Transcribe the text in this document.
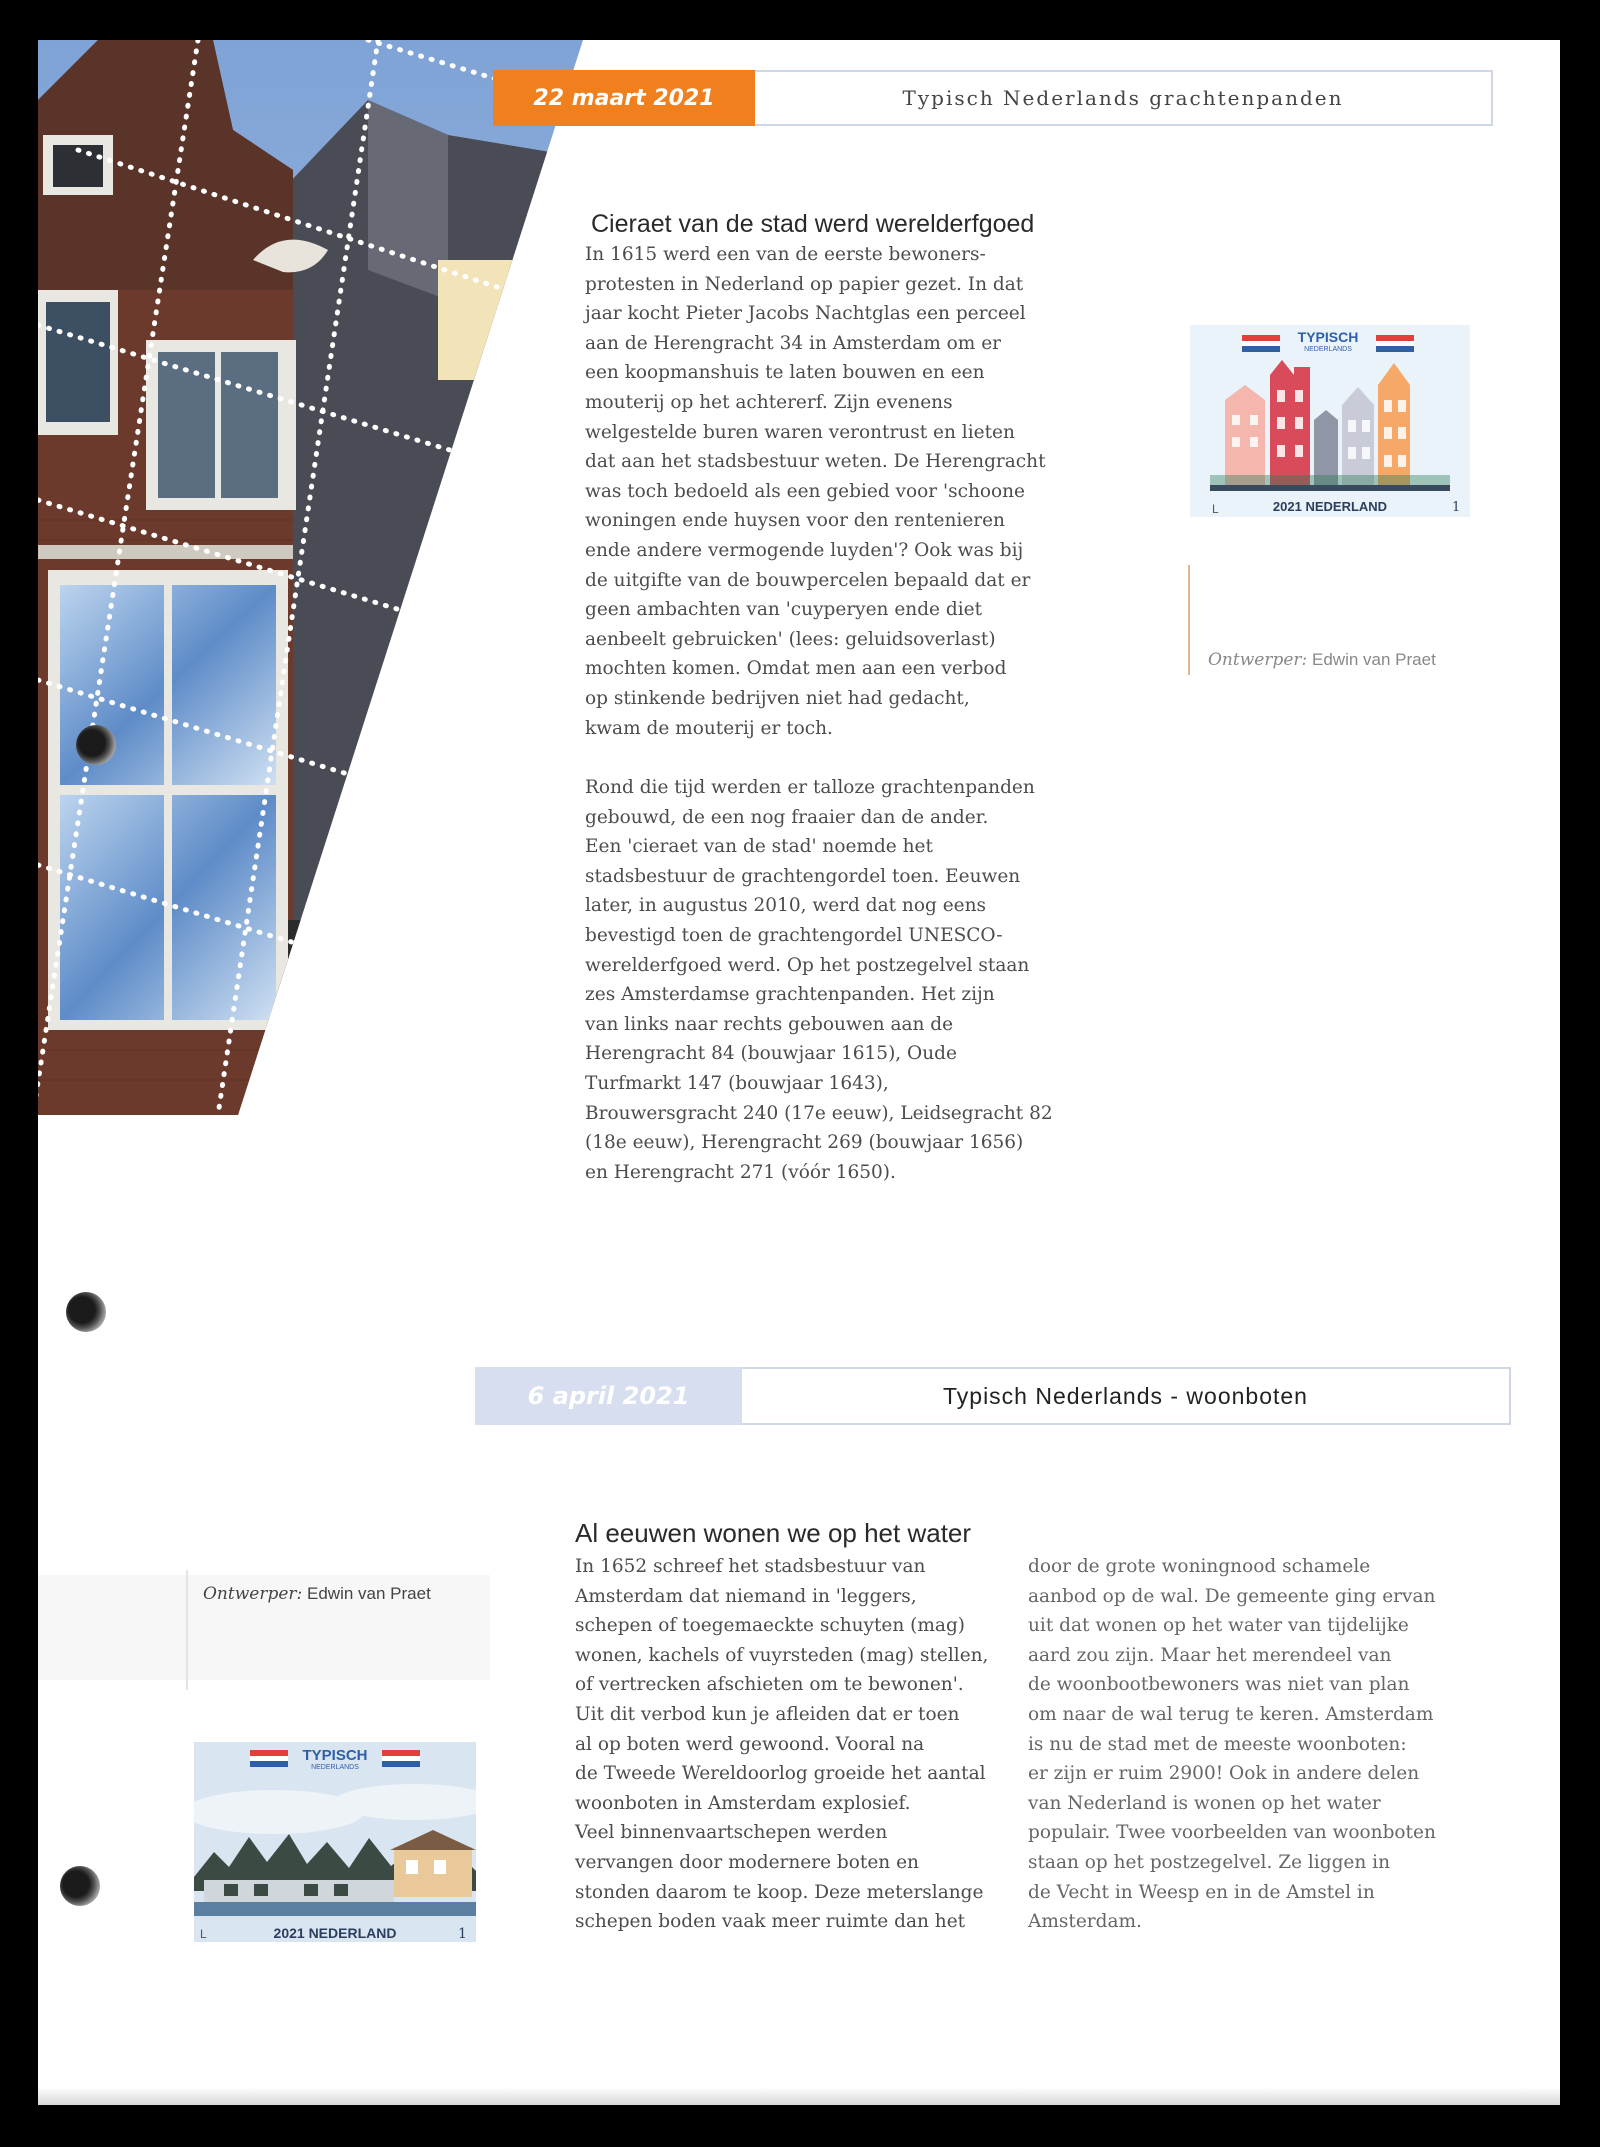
22 maart 2021	Typisch Nederlands grachtenpanden
Cieraet van de stad werd werelderfgoed

In 1615 werd een van de eerste bewoners-

protesten in Nederland op papier gezet. In dat

jaar kocht Pieter Jacobs Nachtglas een perceel

aan de Herengracht 34 in Amsterdam om er

een koopmanshuis te laten bouwen en een

mouterij op het achtererf. Zijn evenens

welgestelde buren waren verontrust en lieten

dat aan het stadsbestuur weten. De Herengracht

was toch bedoeld als een gebied voor 'schoone

woningen ende huysen voor den rentenieren

ende andere vermogende luyden'? Ook was bij

de uitgifte van de bouwpercelen bepaald dat er

geen ambachten van 'cuyperyen ende diet

aenbeelt gebruicken' (lees: geluidsoverlast)

mochten komen. Omdat men aan een verbod

op stinkende bedrijven niet had gedacht,

kwam de mouterij er toch.

Rond die tijd werden er talloze grachtenpanden

gebouwd, de een nog fraaier dan de ander.

Een 'cieraet van de stad' noemde het

stadsbestuur de grachtengordel toen. Eeuwen

later, in augustus 2010, werd dat nog eens

bevestigd toen de grachtengordel UNESCO-

werelderfgoed werd. Op het postzegelvel staan

zes Amsterdamse grachtenpanden. Het zijn

van links naar rechts gebouwen aan de

Herengracht 84 (bouwjaar 1615), Oude

Turfmarkt 147 (bouwjaar 1643),

Brouwersgracht 240 (17e eeuw), Leidsegracht 82

(18e eeuw), Herengracht 269 (bouwjaar 1656)

en Herengracht 271 (vóór 1650).

TYPISCH
NEDERLANDS
L	2021 NEDERLAND	1
Ontwerper: Edwin van Praet
6 april 2021	Typisch Nederlands - woonboten
Ontwerper: Edwin van Praet
Al eeuwen wonen we op het water

In 1652 schreef het stadsbestuur van

Amsterdam dat niemand in 'leggers,

schepen of toegemaeckte schuyten (mag)

wonen, kachels of vuyrsteden (mag) stellen,

of vertrecken afschieten om te bewonen'.

Uit dit verbod kun je afleiden dat er toen

al op boten werd gewoond. Vooral na

de Tweede Wereldoorlog groeide het aantal

woonboten in Amsterdam explosief.

Veel binnenvaartschepen werden

vervangen door modernere boten en

stonden daarom te koop. Deze meterslange

schepen boden vaak meer ruimte dan het

door de grote woningnood schamele

aanbod op de wal. De gemeente ging ervan

uit dat wonen op het water van tijdelijke

aard zou zijn. Maar het merendeel van

de woonbootbewoners was niet van plan

om naar de wal terug te keren. Amsterdam

is nu de stad met de meeste woonboten:

er zijn er ruim 2900! Ook in andere delen

van Nederland is wonen op het water

populair. Twee voorbeelden van woonboten

staan op het postzegelvel. Ze liggen in

de Vecht in Weesp en in de Amstel in

Amsterdam.

TYPISCH
NEDERLANDS
L	2021 NEDERLAND	1
